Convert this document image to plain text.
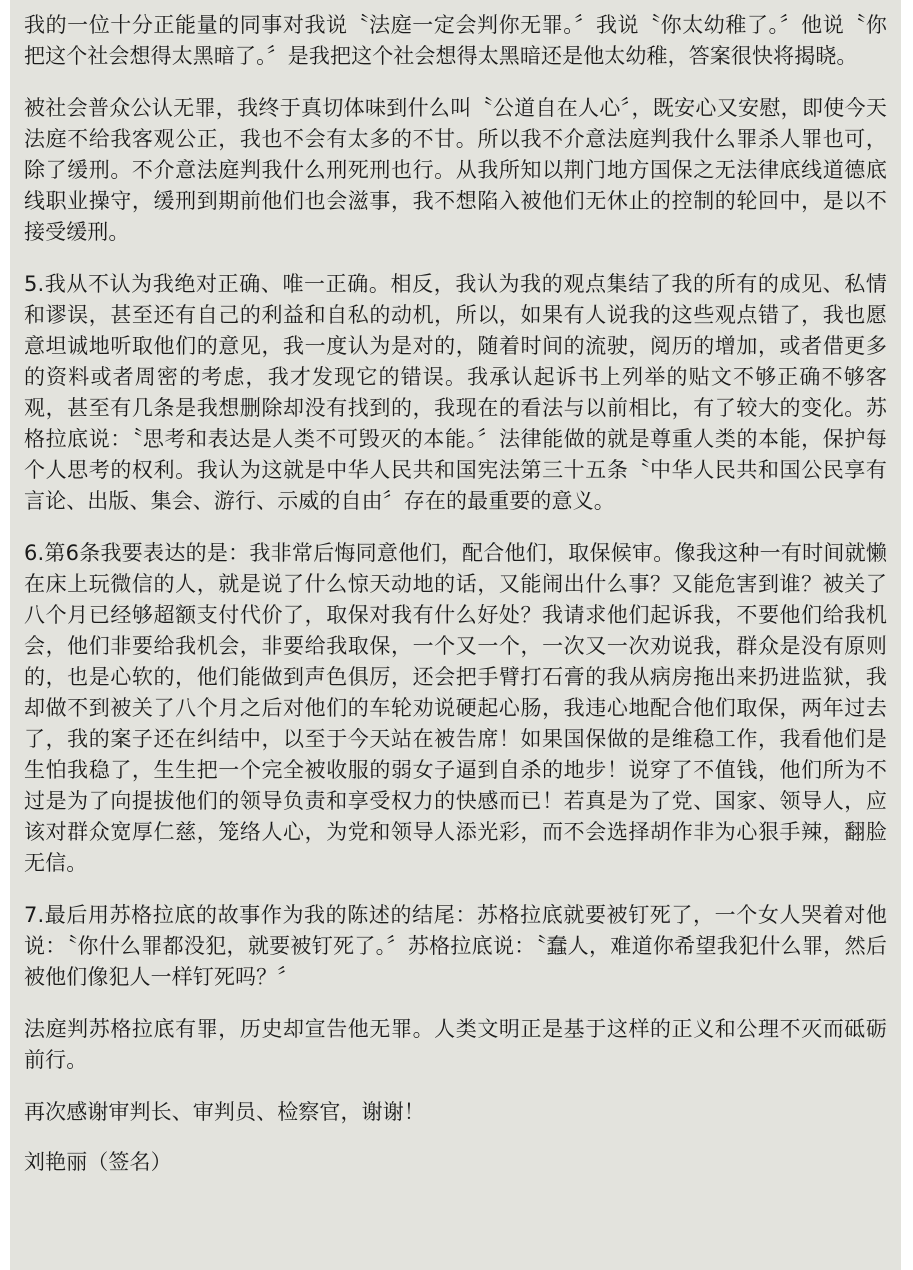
我的一位十分正能量的同事对我说〝法庭一定会判你无罪。〞我说〝你太幼稚了。〞他说〝你把这个社会想得太黑暗了。〞是我把这个社会想得太黑暗还是他太幼稚，答案很快将揭晓。

被社会普众公认无罪，我终于真切体味到什么叫〝公道自在人心〞，既安心又安慰，即使今天法庭不给我客观公正，我也不会有太多的不甘。所以我不介意法庭判我什么罪杀人罪也可，除了缓刑。不介意法庭判我什么刑死刑也行。从我所知以荆门地方国保之无法律底线道德底线职业操守，缓刑到期前他们也会滋事，我不想陷入被他们无休止的控制的轮回中，是以不接受缓刑。

5.我从不认为我绝对正确、唯一正确。相反，我认为我的观点集结了我的所有的成见、私情和谬误，甚至还有自己的利益和自私的动机，所以，如果有人说我的这些观点错了，我也愿意坦诚地听取他们的意见，我一度认为是对的，随着时间的流驶，阅历的增加，或者借更多的资料或者周密的考虑，我才发现它的错误。我承认起诉书上列举的贴文不够正确不够客观，甚至有几条是我想删除却没有找到的，我现在的看法与以前相比，有了较大的变化。苏格拉底说：〝思考和表达是人类不可毁灭的本能。〞法律能做的就是尊重人类的本能，保护每个人思考的权利。我认为这就是中华人民共和国宪法第三十五条〝中华人民共和国公民享有言论、出版、集会、游行、示威的自由〞存在的最重要的意义。

6.第6条我要表达的是：我非常后悔同意他们，配合他们，取保候审。像我这种一有时间就懒在床上玩微信的人，就是说了什么惊天动地的话，又能闹出什么事？又能危害到谁？被关了八个月已经够超额支付代价了，取保对我有什么好处？我请求他们起诉我，不要他们给我机会，他们非要给我机会，非要给我取保，一个又一个，一次又一次劝说我，群众是没有原则的，也是心软的，他们能做到声色俱厉，还会把手臂打石膏的我从病房拖出来扔进监狱，我却做不到被关了八个月之后对他们的车轮劝说硬起心肠，我违心地配合他们取保，两年过去了，我的案子还在纠结中，以至于今天站在被告席！如果国保做的是维稳工作，我看他们是生怕我稳了，生生把一个完全被收服的弱女子逼到自杀的地步！说穿了不值钱，他们所为不过是为了向提拔他们的领导负责和享受权力的快感而已！若真是为了党、国家、领导人，应该对群众宽厚仁慈，笼络人心，为党和领导人添光彩，而不会选择胡作非为心狠手辣，翻脸无信。

7.最后用苏格拉底的故事作为我的陈述的结尾：苏格拉底就要被钉死了，一个女人哭着对他说：〝你什么罪都没犯，就要被钉死了。〞苏格拉底说：〝蠢人，难道你希望我犯什么罪，然后被他们像犯人一样钉死吗？〞

法庭判苏格拉底有罪，历史却宣告他无罪。人类文明正是基于这样的正义和公理不灭而砥砺前行。

再次感谢审判长、审判员、检察官，谢谢！

刘艳丽（签名）
